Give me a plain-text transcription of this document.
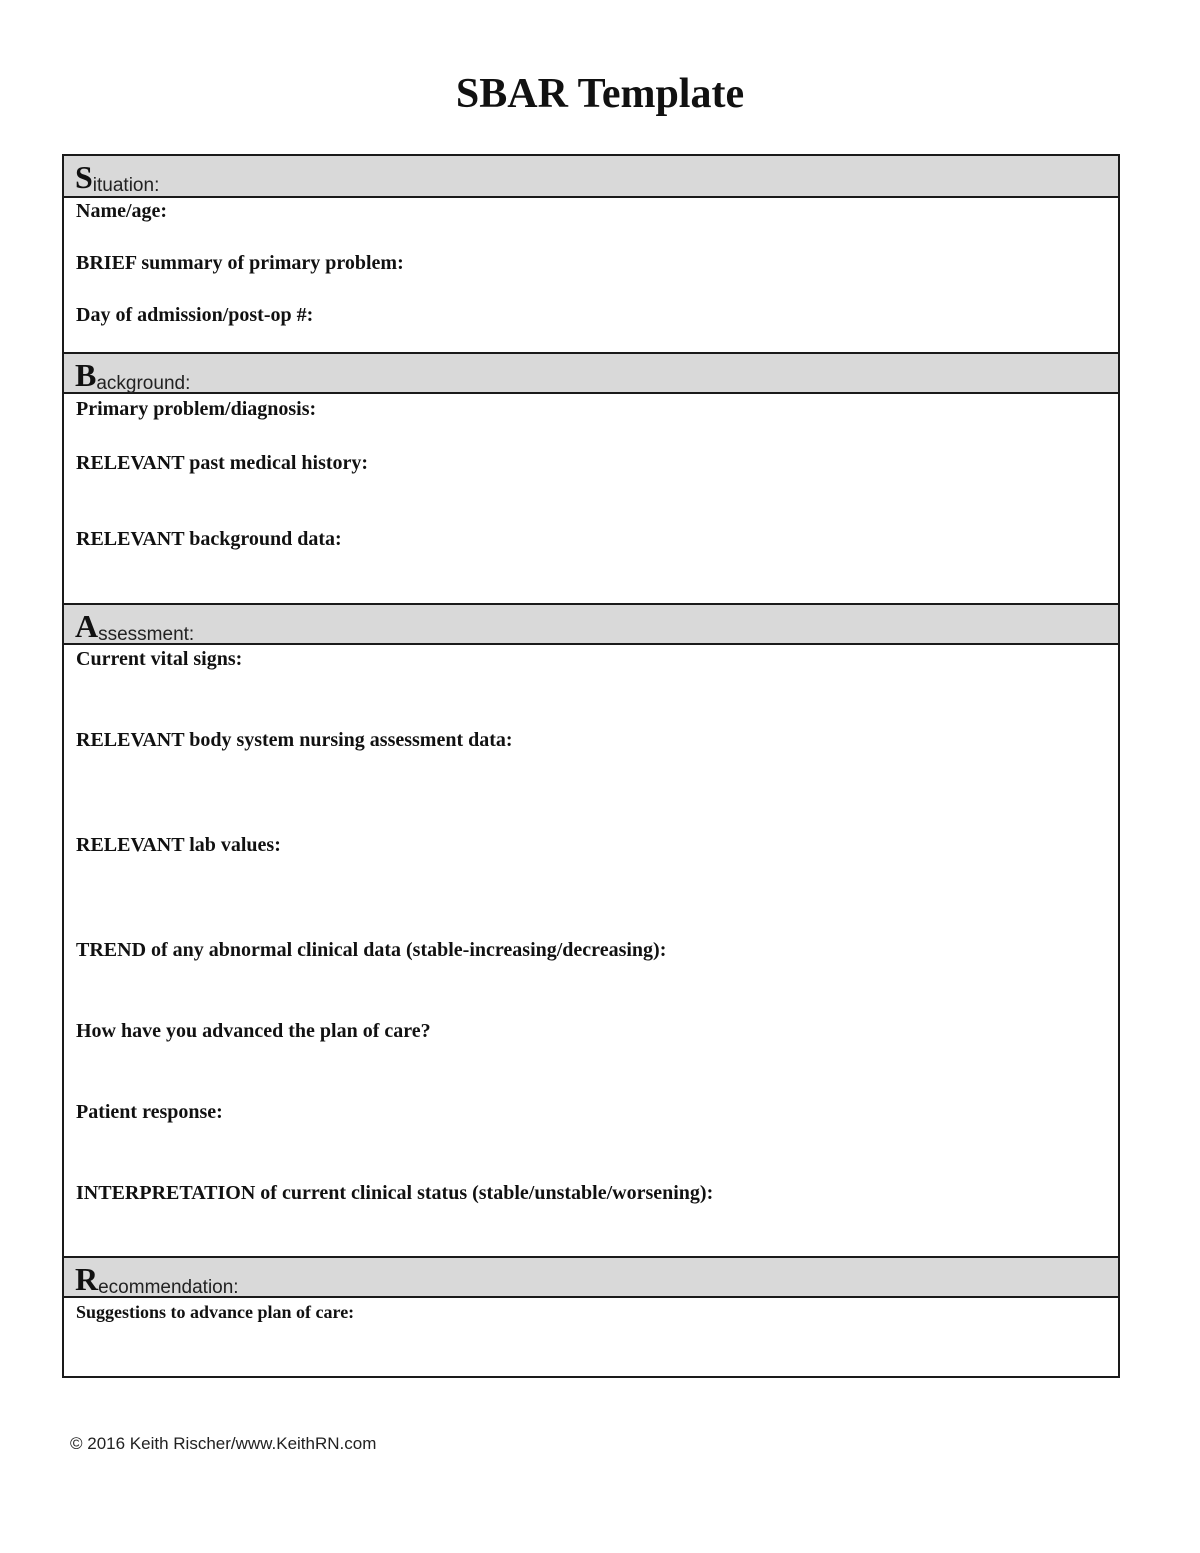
SBAR Template
Situation:
Name/age:
BRIEF summary of primary problem:
Day of admission/post-op #:
Background:
Primary problem/diagnosis:
RELEVANT past medical history:
RELEVANT background data:
Assessment:
Current vital signs:
RELEVANT body system nursing assessment data:
RELEVANT lab values:
TREND of any abnormal clinical data (stable-increasing/decreasing):
How have you advanced the plan of care?
Patient response:
INTERPRETATION of current clinical status (stable/unstable/worsening):
Recommendation:
Suggestions to advance plan of care:
© 2016 Keith Rischer/www.KeithRN.com
